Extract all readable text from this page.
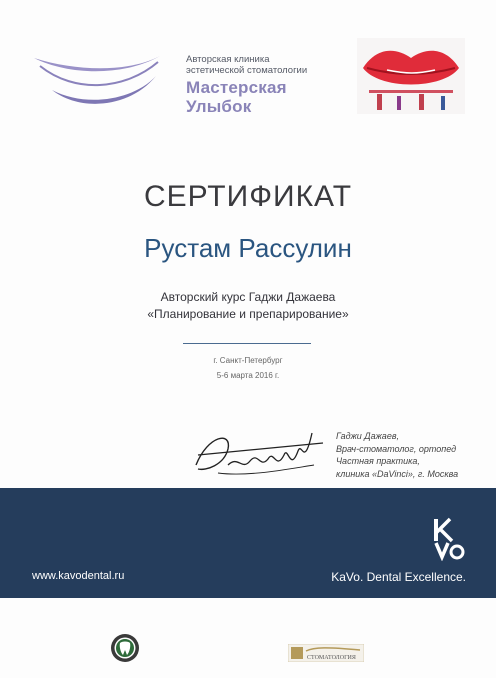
Авторская клиника
эстетической стоматологии
Мастерская
Улыбок
СЕРТИФИКАТ
Рустам Рассулин
Авторский курс Гаджи Дажаева
«Планирование и препарирование»
г. Санкт-Петербург
5-6 марта 2016 г.
Гаджи Дажаев,
Врач-стоматолог, ортопед
Частная практика,
клиника «DaVinci», г. Москва
www.kavodental.ru	KaVo. Dental Excellence.
СТОМАТОЛОГИЯ
